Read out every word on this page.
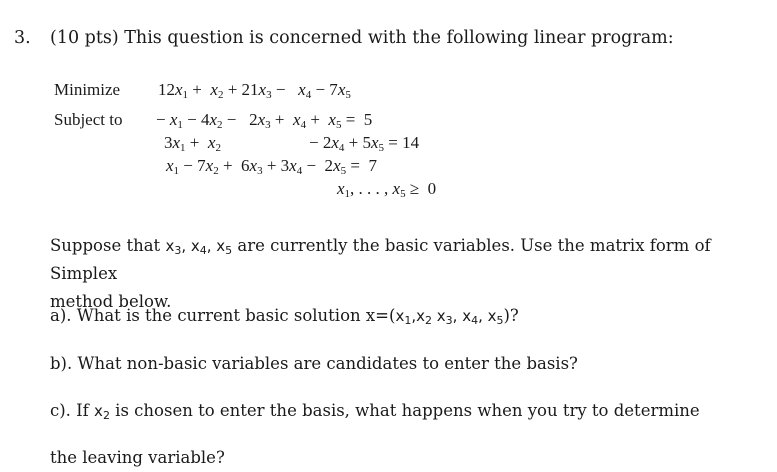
3. (10 pts) This question is concerned with the following linear program:
Minimize $12x_1 + x_2 + 21x_3 - x_4 - 7x_5$
Subject to − $x_1 - 4x_2 - 2x_3 + x_4 + x_5 = 5$
$3x_1 + x_2$	− $2x_4 + 5x_5 = 14$
$x_1 - 7x_2 + 6x_3 + 3x_4 - 2x_5 = 7$
$x_1$, . . . , $x_5 \ge 0$
Suppose that $x_3$, $x_4$, $x_5$ are currently the basic variables. Use the matrix form of Simplex
method below.
a). What is the current basic solution $x=(x_1,x_2$ $x_3$, $x_4$, $x_5$)?
b). What non-basic variables are candidates to enter the basis?
c). If $x_2$ is chosen to enter the basis, what happens when you try to determine
the leaving variable?
